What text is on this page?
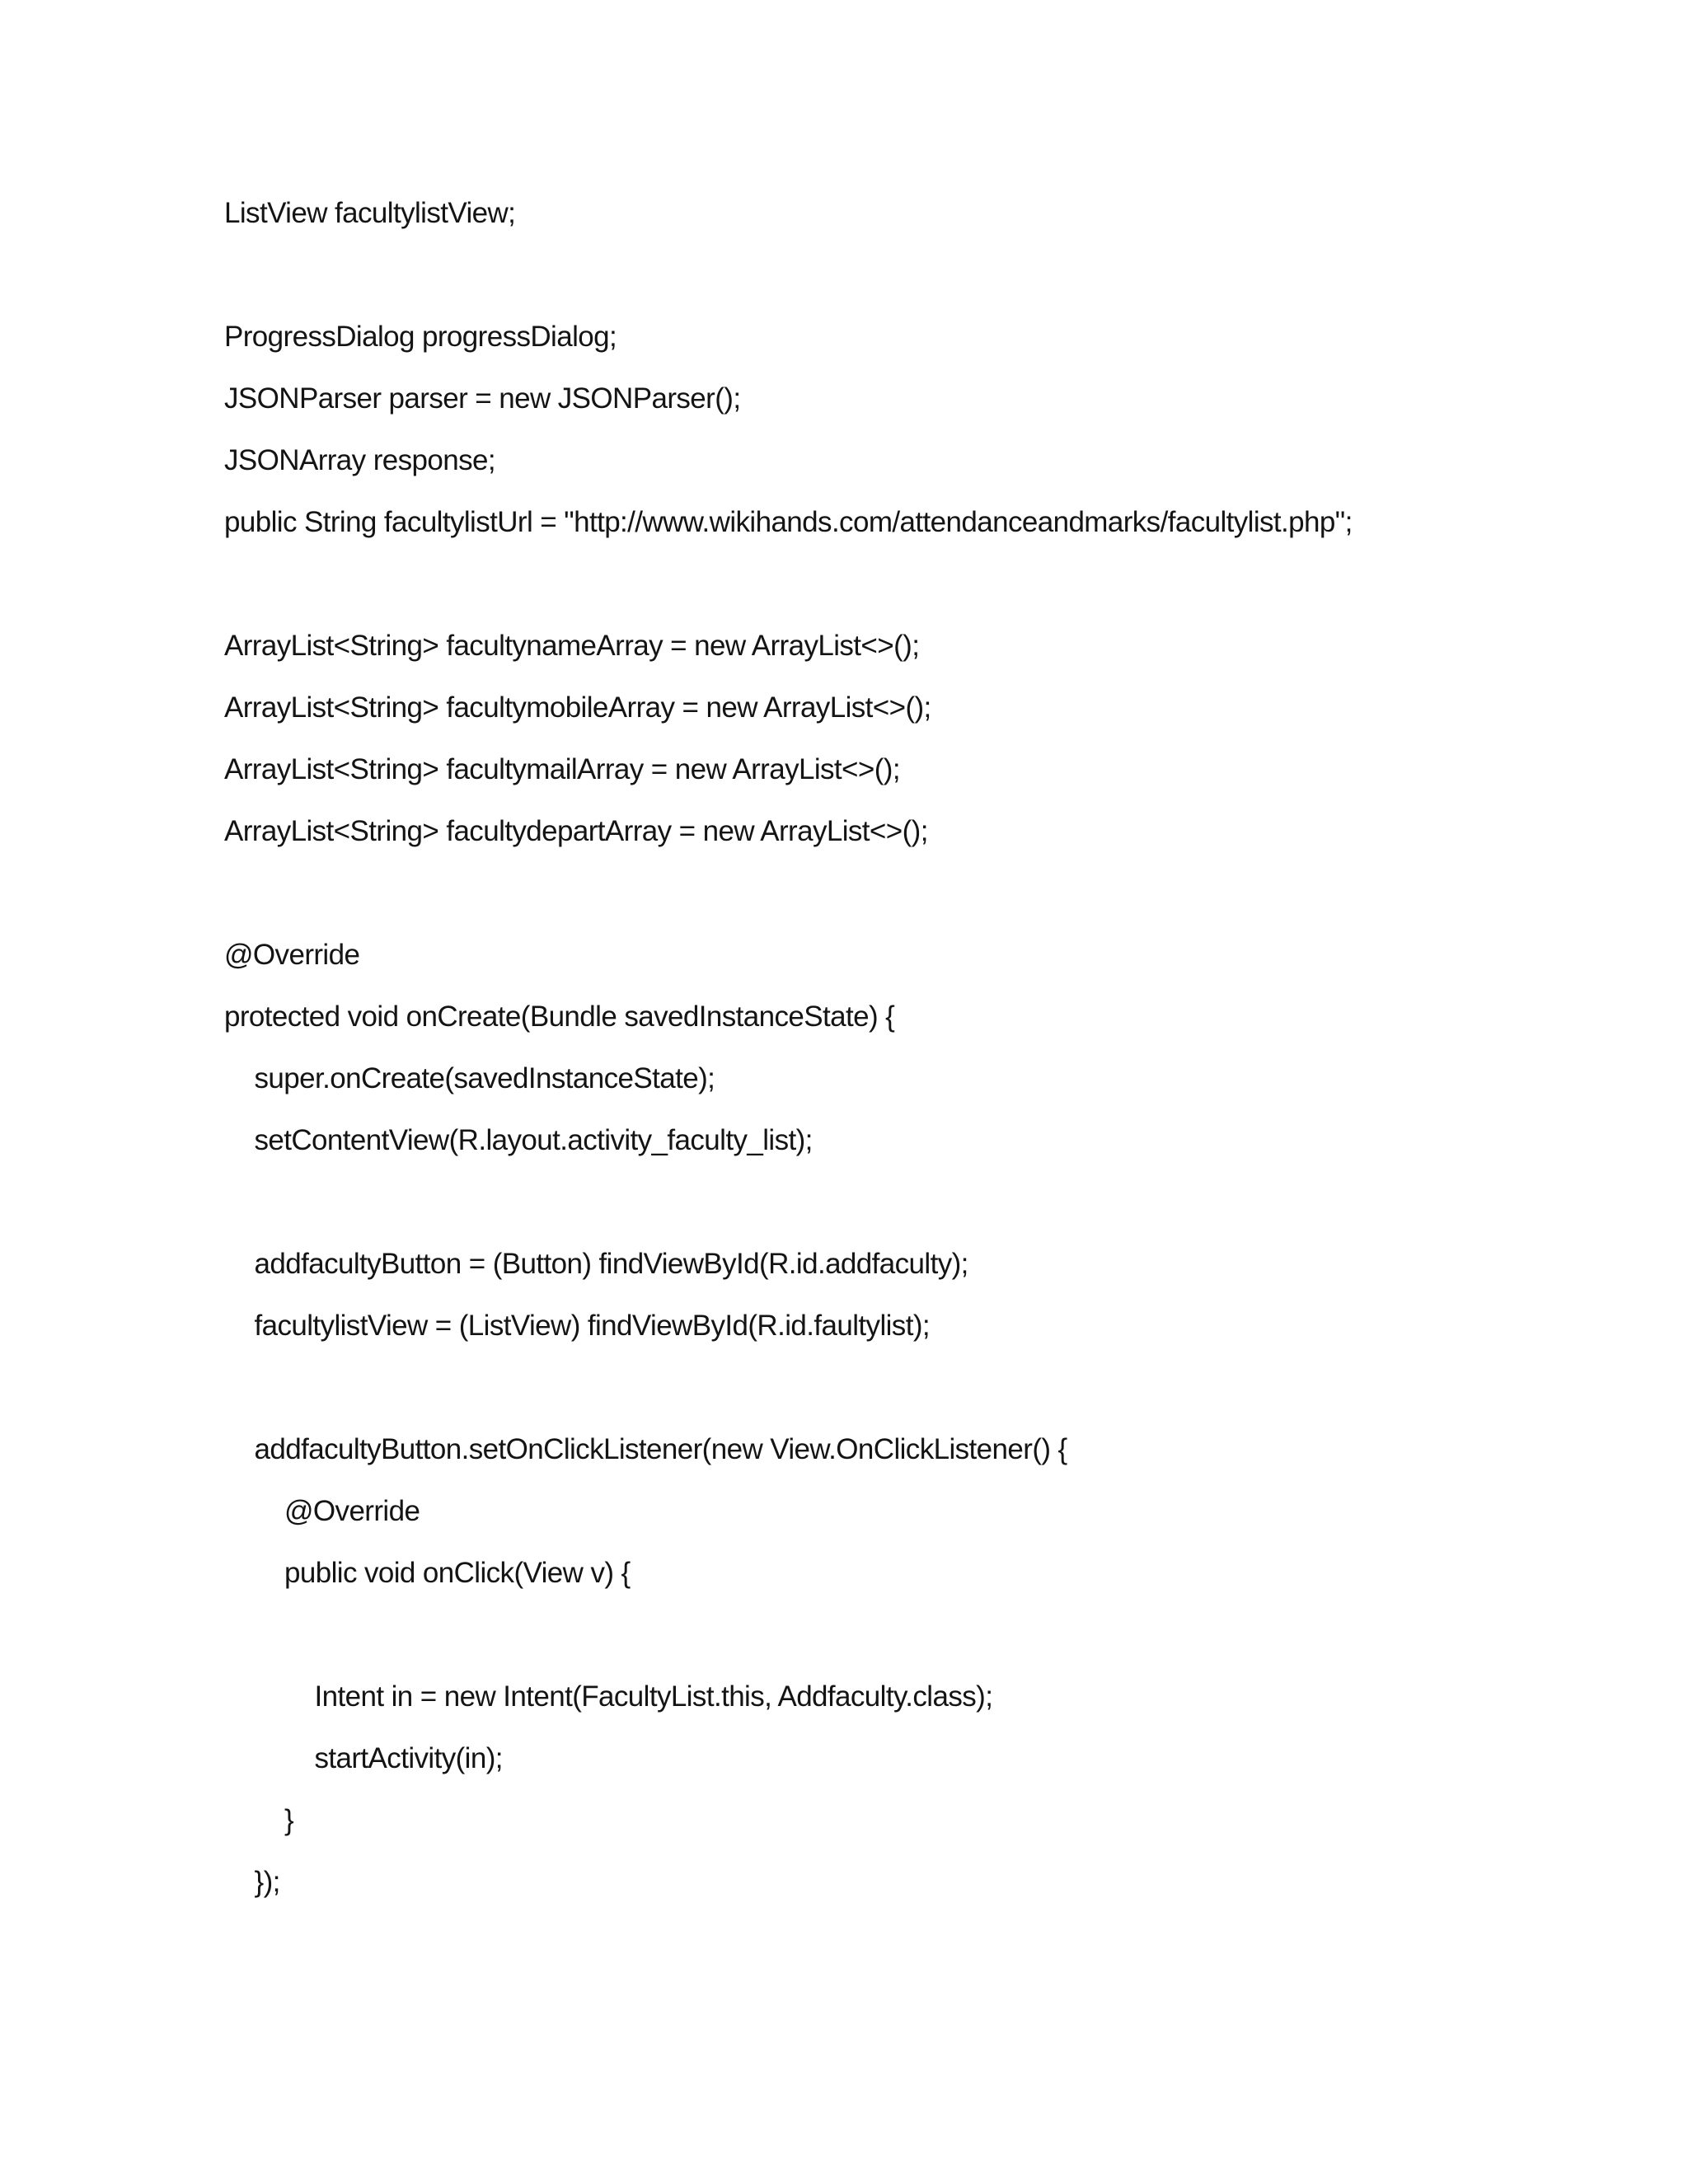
ListView facultylistView;
ProgressDialog progressDialog;
JSONParser parser = new JSONParser();
JSONArray response;
public String facultylistUrl = "http://www.wikihands.com/attendanceandmarks/facultylist.php";
ArrayList<String> facultynameArray = new ArrayList<>();
ArrayList<String> facultymobileArray = new ArrayList<>();
ArrayList<String> facultymailArray = new ArrayList<>();
ArrayList<String> facultydepartArray = new ArrayList<>();
@Override
protected void onCreate(Bundle savedInstanceState) {
super.onCreate(savedInstanceState);
setContentView(R.layout.activity_faculty_list);
addfacultyButton = (Button) findViewById(R.id.addfaculty);
facultylistView = (ListView) findViewById(R.id.faultylist);
addfacultyButton.setOnClickListener(new View.OnClickListener() {
@Override
public void onClick(View v) {
Intent in = new Intent(FacultyList.this, Addfaculty.class);
startActivity(in);
}
});
